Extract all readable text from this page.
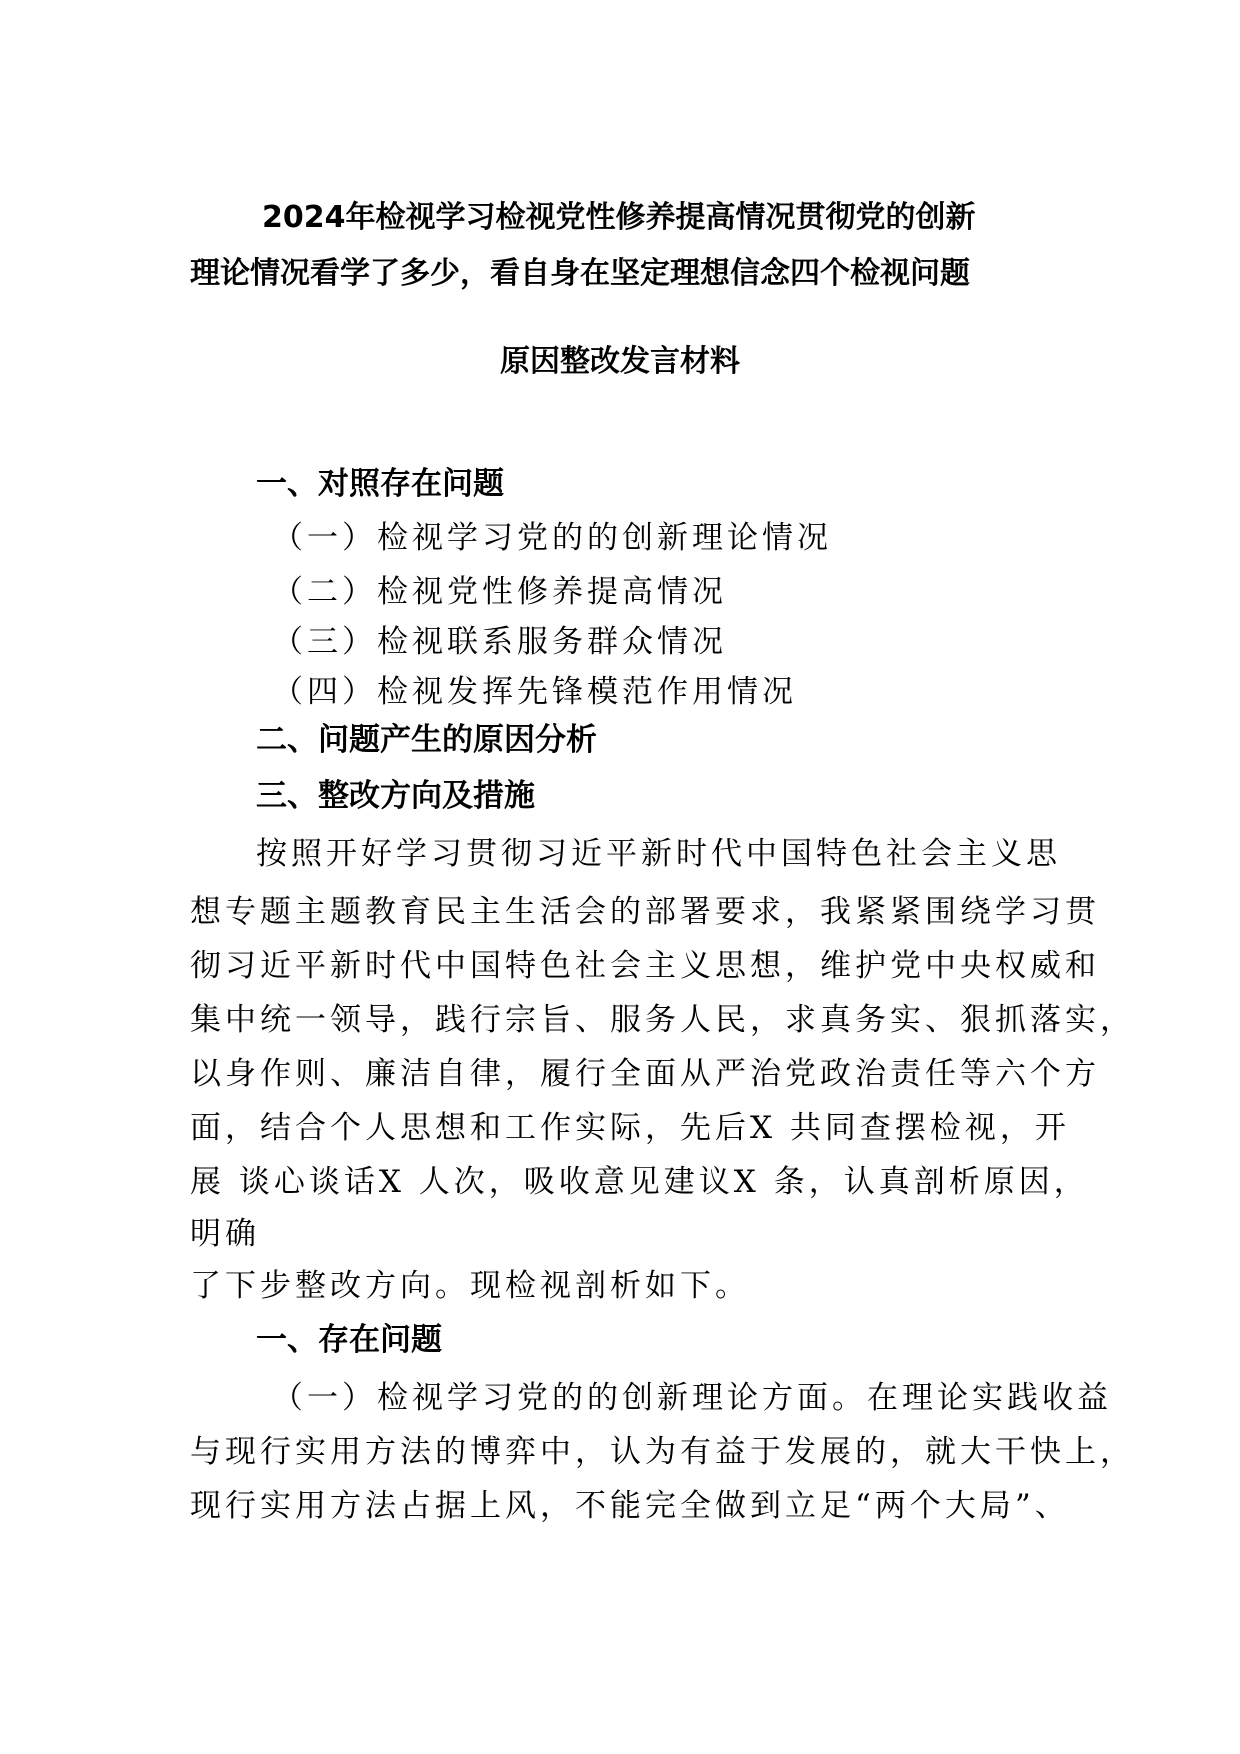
2024年检视学习检视党性修养提高情况贯彻党的创新
理论情况看学了多少，看自身在坚定理想信念四个检视问题
原因整改发言材料
一、对照存在问题
（一）检视学习党的的创新理论情况
（二）检视党性修养提高情况
（三）检视联系服务群众情况
（四）检视发挥先锋模范作用情况
二、问题产生的原因分析
三、整改方向及措施
按照开好学习贯彻习近平新时代中国特色社会主义思
想专题主题教育民主生活会的部署要求，我紧紧围绕学习贯
彻习近平新时代中国特色社会主义思想，维护党中央权威和
集中统一领导，践行宗旨、服务人民，求真务实、狠抓落实，
以身作则、廉洁自律，履行全面从严治党政治责任等六个方
面，结合个人思想和工作实际，先后X 共同查摆检视，开
展 谈心谈话X 人次，吸收意见建议X 条，认真剖析原因，
明确
了下步整改方向。现检视剖析如下。
一、存在问题
（一）检视学习党的的创新理论方面。在理论实践收益
与现行实用方法的博弈中，认为有益于发展的，就大干快上，
现行实用方法占据上风，不能完全做到立足“两个大局”、
